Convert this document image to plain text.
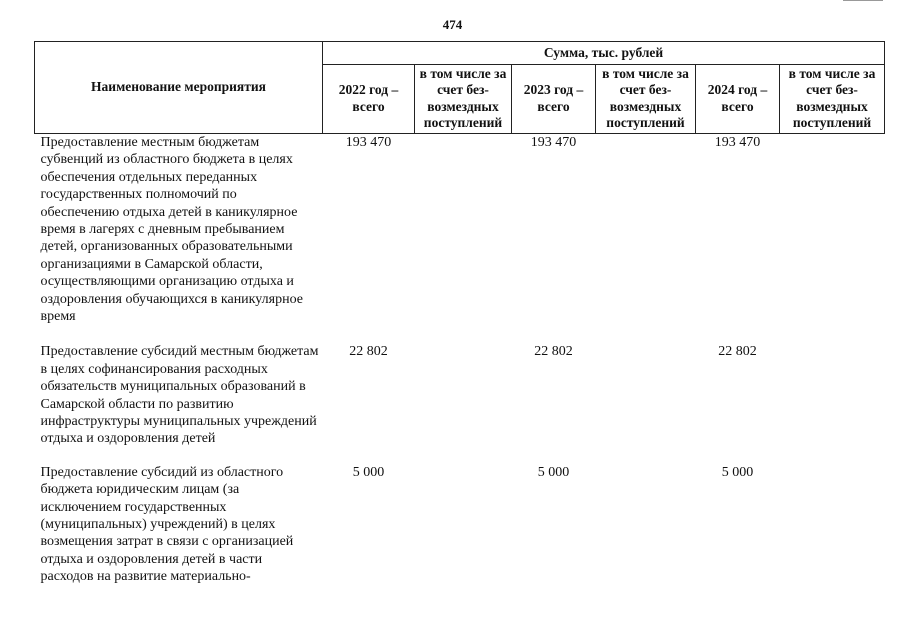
474
Наименование мероприятия	Сумма, тыс. рублей					
	2022 год – всего	в том числе за счет без-возмездных поступлений	2023 год – всего	в том числе за счет без-возмездных поступлений	2024 год – всего	в том числе за счет без-возмездных поступлений
Предоставление местным бюджетам субвенций из областного бюджета в целях обеспечения отдельных переданных государственных полномочий по обеспечению отдыха детей в каникулярное время в лагерях с дневным пребыванием детей, организованных образовательными организациями в Самарской области, осуществляющими организацию отдыха и оздоровления обучающихся в каникулярное время	193 470		193 470		193 470	
Предоставление субсидий местным бюджетам в целях софинансирования расходных обязательств муниципальных образований в Самарской области по развитию инфраструктуры муниципальных учреждений отдыха и оздоровления детей	22 802		22 802		22 802	
Предоставление субсидий из областного бюджета юридическим лицам (за исключением государственных (муниципальных) учреждений) в целях возмещения затрат в связи с организацией отдыха и оздоровления детей в части расходов на развитие материально-	5 000		5 000		5 000	
